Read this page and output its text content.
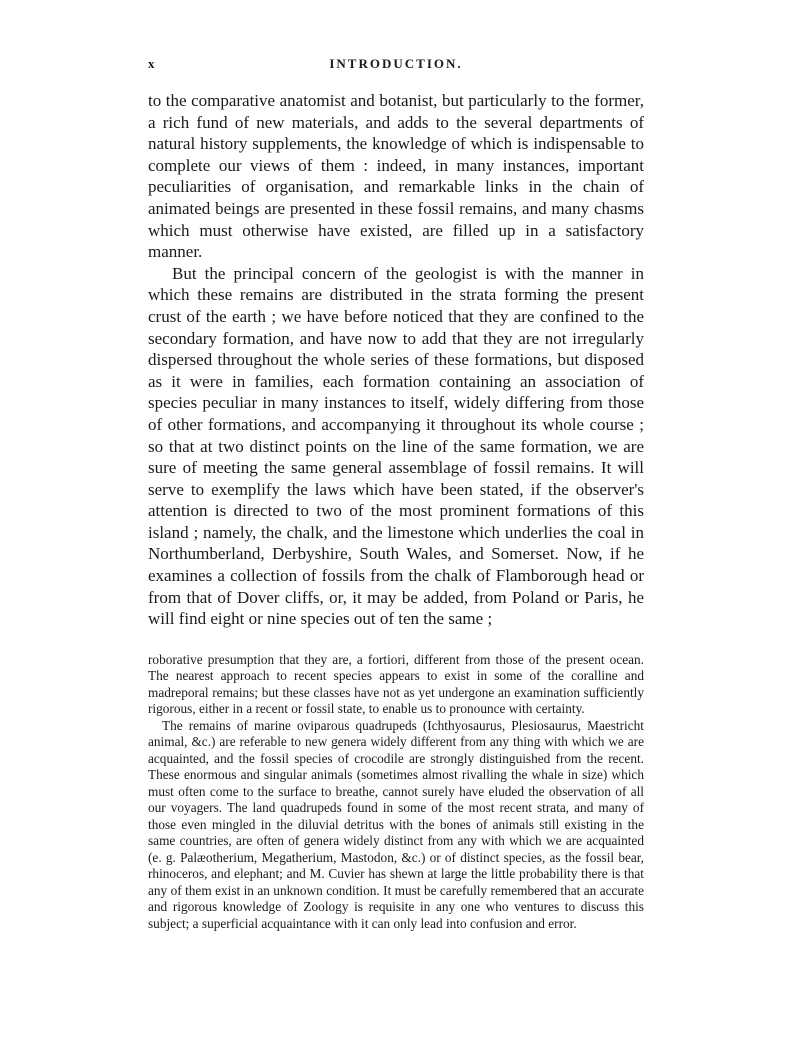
x	INTRODUCTION.

to the comparative anatomist and botanist, but particularly to the former, a rich fund of new materials, and adds to the several departments of natural history supplements, the knowledge of which is indispensable to complete our views of them : indeed, in many instances, important peculiarities of organisation, and remarkable links in the chain of animated beings are presented in these fossil remains, and many chasms which must otherwise have existed, are filled up in a satisfactory manner.

But the principal concern of the geologist is with the manner in which these remains are distributed in the strata forming the present crust of the earth ; we have before noticed that they are confined to the secondary formation, and have now to add that they are not irregularly dispersed throughout the whole series of these formations, but disposed as it were in families, each formation containing an association of species peculiar in many instances to itself, widely differing from those of other formations, and accompanying it throughout its whole course ; so that at two distinct points on the line of the same formation, we are sure of meeting the same general assemblage of fossil remains. It will serve to exemplify the laws which have been stated, if the observer's attention is directed to two of the most prominent formations of this island ; namely, the chalk, and the limestone which underlies the coal in Northumberland, Derbyshire, South Wales, and Somerset. Now, if he examines a collection of fossils from the chalk of Flamborough head or from that of Dover cliffs, or, it may be added, from Poland or Paris, he will find eight or nine species out of ten the same ;

roborative presumption that they are, a fortiori, different from those of the present ocean. The nearest approach to recent species appears to exist in some of the coralline and madreporal remains; but these classes have not as yet undergone an examination sufficiently rigorous, either in a recent or fossil state, to enable us to pronounce with certainty.

The remains of marine oviparous quadrupeds (Ichthyosaurus, Plesiosaurus, Maestricht animal, &c.) are referable to new genera widely different from any thing with which we are acquainted, and the fossil species of crocodile are strongly distinguished from the recent. These enormous and singular animals (sometimes almost rivalling the whale in size) which must often come to the surface to breathe, cannot surely have eluded the observation of all our voyagers. The land quadrupeds found in some of the most recent strata, and many of those even mingled in the diluvial detritus with the bones of animals still existing in the same countries, are often of genera widely distinct from any with which we are acquainted (e. g. Palæotherium, Megatherium, Mastodon, &c.) or of distinct species, as the fossil bear, rhinoceros, and elephant; and M. Cuvier has shewn at large the little probability there is that any of them exist in an unknown condition. It must be carefully remembered that an accurate and rigorous knowledge of Zoology is requisite in any one who ventures to discuss this subject; a superficial acquaintance with it can only lead into confusion and error.
